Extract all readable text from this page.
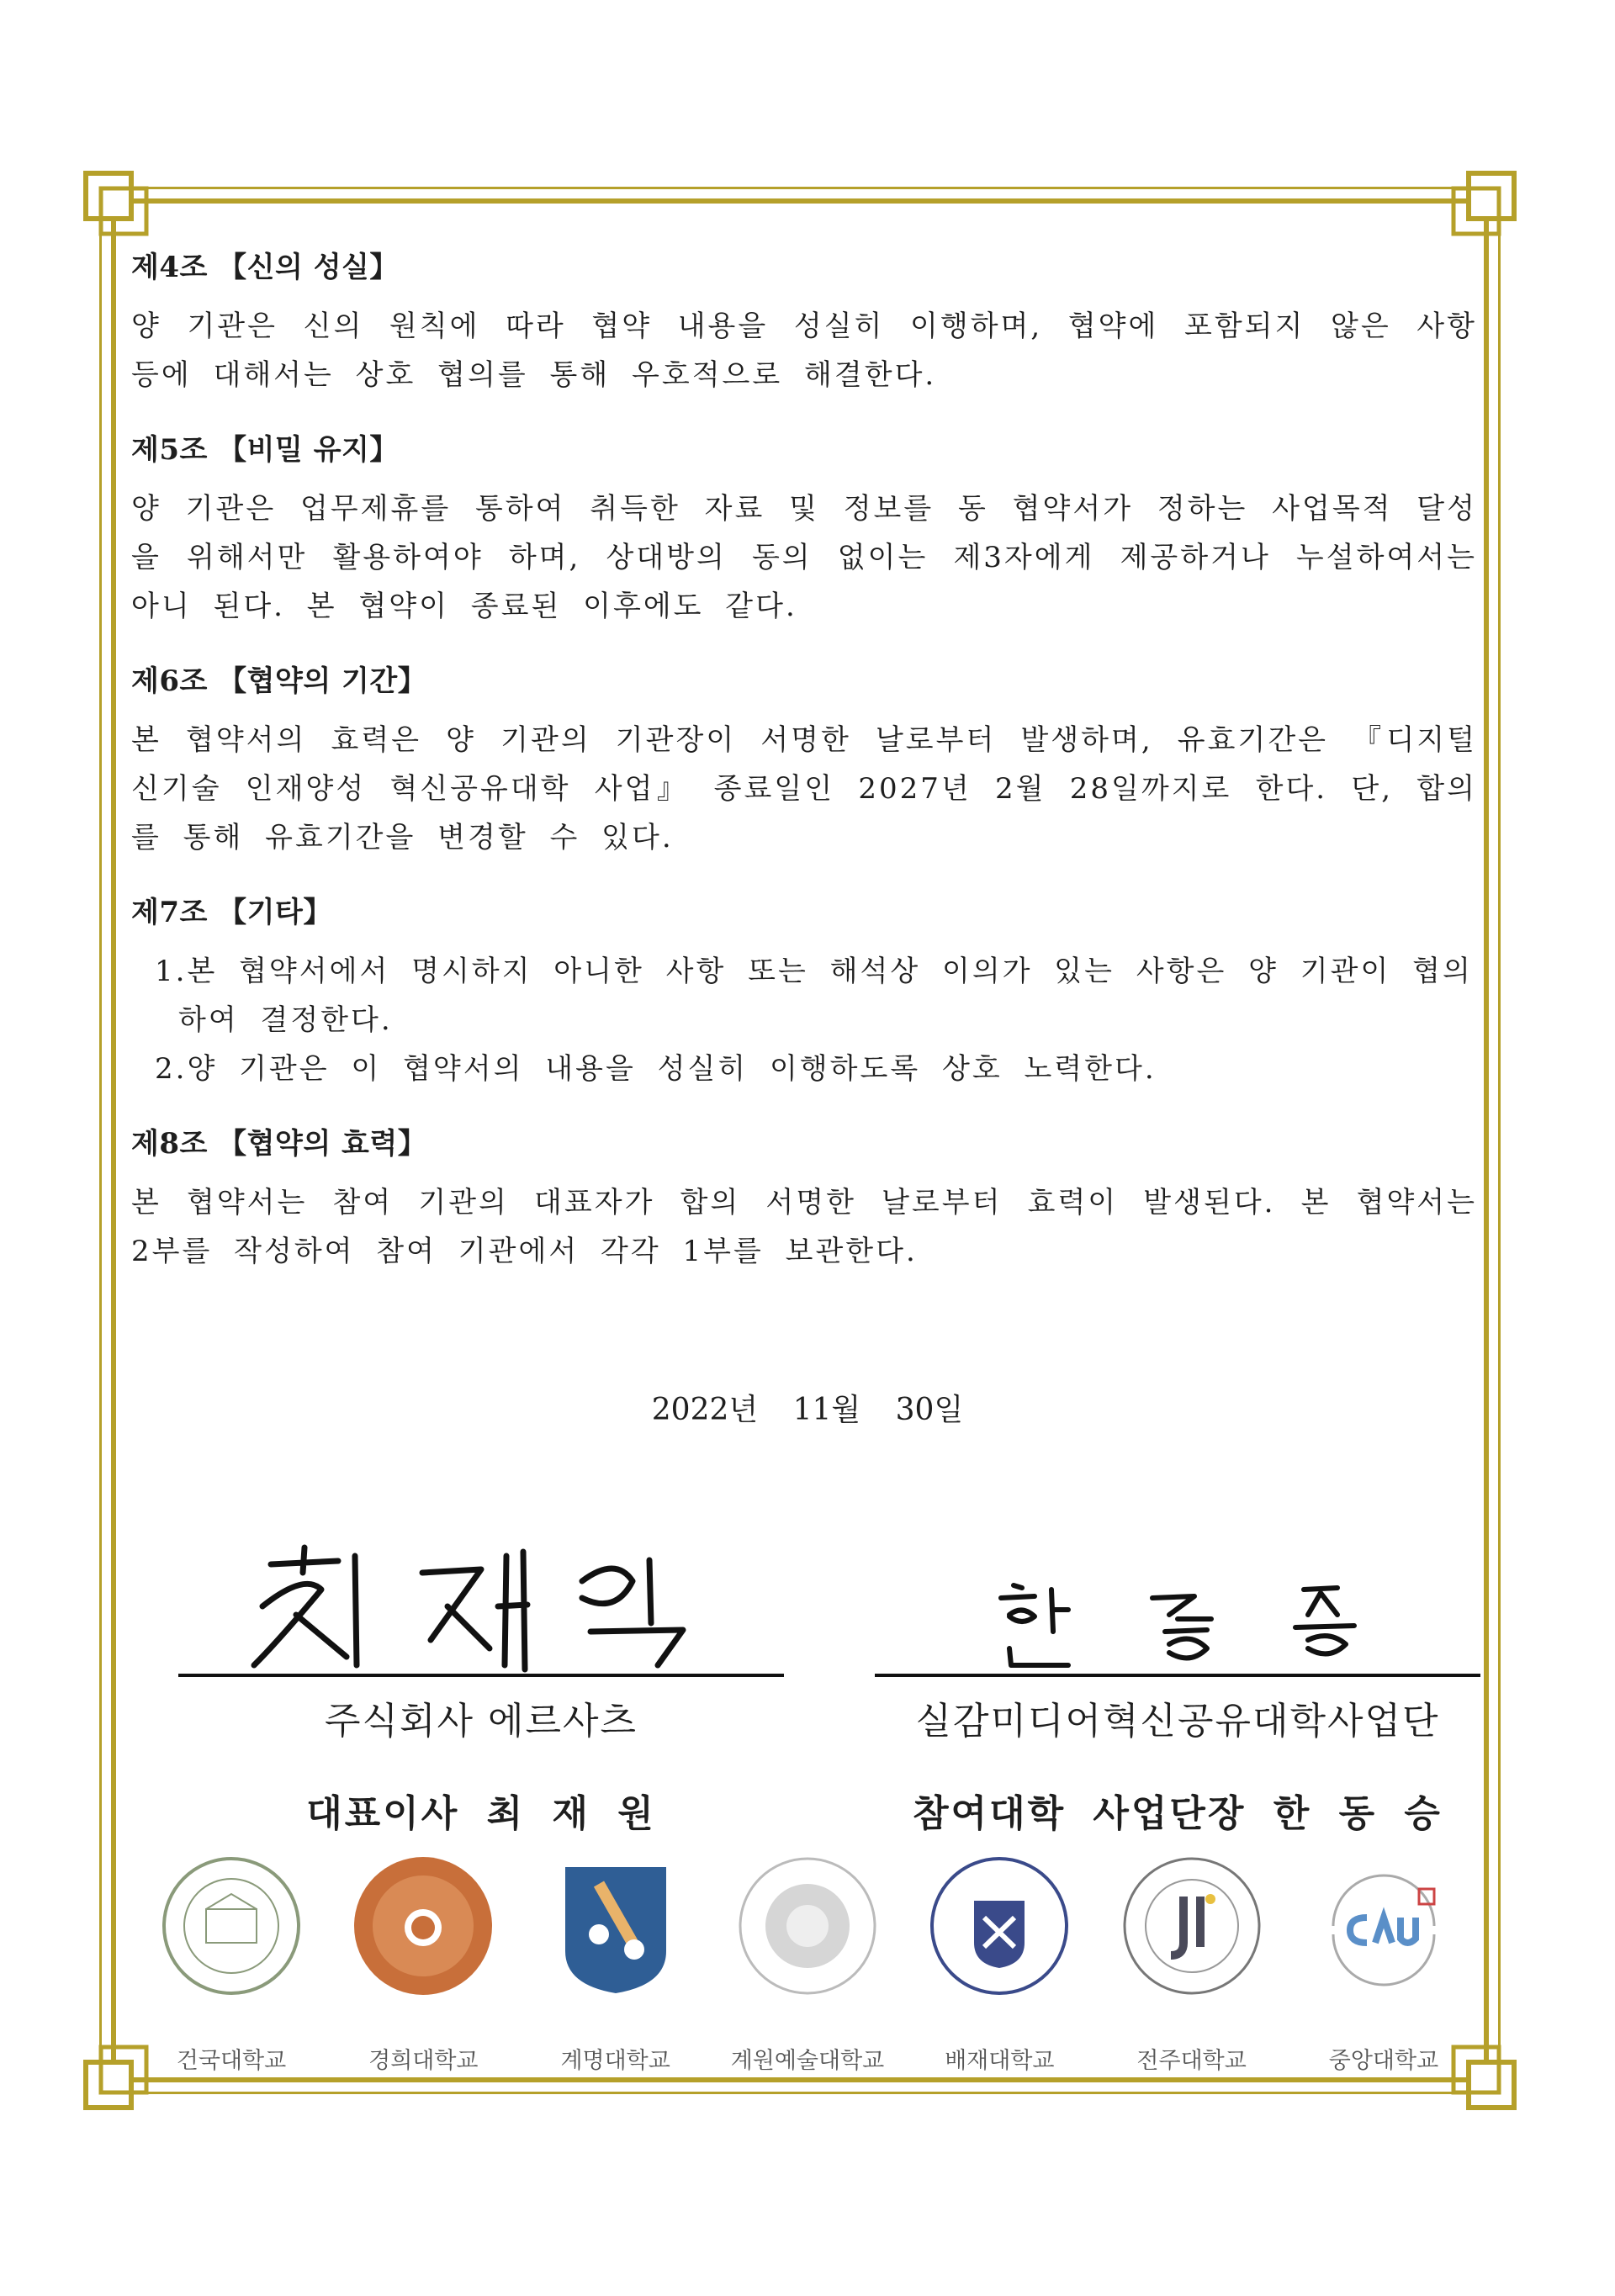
제4조 【신의 성실】
양 기관은 신의 원칙에 따라 협약 내용을 성실히 이행하며, 협약에 포함되지 않은 사항 등에 대해서는 상호 협의를 통해 우호적으로 해결한다.
제5조 【비밀 유지】
양 기관은 업무제휴를 통하여 취득한 자료 및 정보를 동 협약서가 정하는 사업목적 달성을 위해서만 활용하여야 하며, 상대방의 동의 없이는 제3자에게 제공하거나 누설하여서는 아니 된다. 본 협약이 종료된 이후에도 같다.
제6조 【협약의 기간】
본 협약서의 효력은 양 기관의 기관장이 서명한 날로부터 발생하며, 유효기간은 『디지털 신기술 인재양성 혁신공유대학 사업』 종료일인 2027년 2월 28일까지로 한다. 단, 합의를 통해 유효기간을 변경할 수 있다.
제7조 【기타】
1.본 협약서에서 명시하지 아니한 사항 또는 해석상 이의가 있는 사항은 양 기관이 협의하여 결정한다.
2.양 기관은 이 협약서의 내용을 성실히 이행하도록 상호 노력한다.
제8조 【협약의 효력】
본 협약서는 참여 기관의 대표자가 합의 서명한 날로부터 효력이 발생된다. 본 협약서는 2부를 작성하여 참여 기관에서 각각 1부를 보관한다.
2022년 11월 30일
주식회사 에르사츠
대표이사 최 재 원
실감미디어혁신공유대학사업단
참여대학 사업단장 한 동 승
건국대학교	경희대학교	계명대학교	계원예술대학교	배재대학교	전주대학교	중앙대학교
